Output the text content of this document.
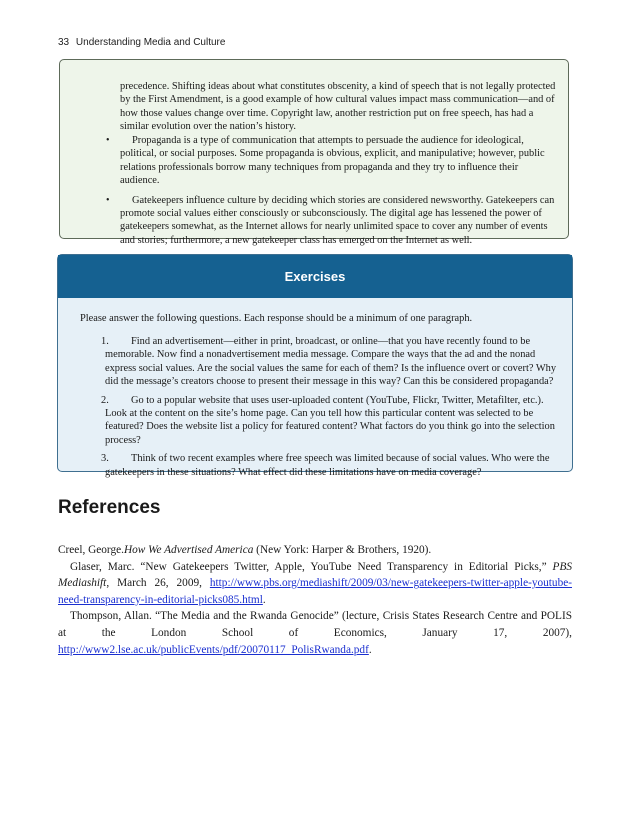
33 Understanding Media and Culture

precedence. Shifting ideas about what constitutes obscenity, a kind of speech that is not legally protected by the First Amendment, is a good example of how cultural values impact mass communication—and of how those values change over time. Copyright law, another restriction put on free speech, has had a similar evolution over the nation’s history.

• Propaganda is a type of communication that attempts to persuade the audience for ideological, political, or social purposes. Some propaganda is obvious, explicit, and manipulative; however, public relations professionals borrow many techniques from propaganda and they try to influence their audience.
• Gatekeepers influence culture by deciding which stories are considered newsworthy. Gatekeepers can promote social values either consciously or subconsciously. The digital age has lessened the power of gatekeepers somewhat, as the Internet allows for nearly unlimited space to cover any number of events and stories; furthermore, a new gatekeeper class has emerged on the Internet as well.
Exercises

Please answer the following questions. Each response should be a minimum of one paragraph.

1. Find an advertisement—either in print, broadcast, or online—that you have recently found to be memorable. Now find a nonadvertisement media message. Compare the ways that the ad and the nonad express social values. Are the social values the same for each of them? Is the influence overt or covert? Why did the message’s creators choose to present their message in this way? Can this be considered propaganda?
2. Go to a popular website that uses user-uploaded content (YouTube, Flickr, Twitter, Metafilter, etc.). Look at the content on the site’s home page. Can you tell how this particular content was selected to be featured? Does the website list a policy for featured content? What factors do you think go into the selection process?
3. Think of two recent examples where free speech was limited because of social values. Who were the gatekeepers in these situations? What effect did these limitations have on media coverage?
References

Creel, George.How We Advertised America (New York: Harper & Brothers, 1920).

Glaser, Marc. “New Gatekeepers Twitter, Apple, YouTube Need Transparency in Editorial Picks,” PBS Mediashift, March 26, 2009, http://www.pbs.org/mediashift/2009/03/new-gatekeepers-twitter-apple-youtube-need-transparency-in-editorial-picks085.html.

Thompson, Allan. “The Media and the Rwanda Genocide” (lecture, Crisis States Research Centre and POLIS at the London School of Economics, January 17, 2007), http://www2.lse.ac.uk/publicEvents/pdf/20070117_PolisRwanda.pdf.
